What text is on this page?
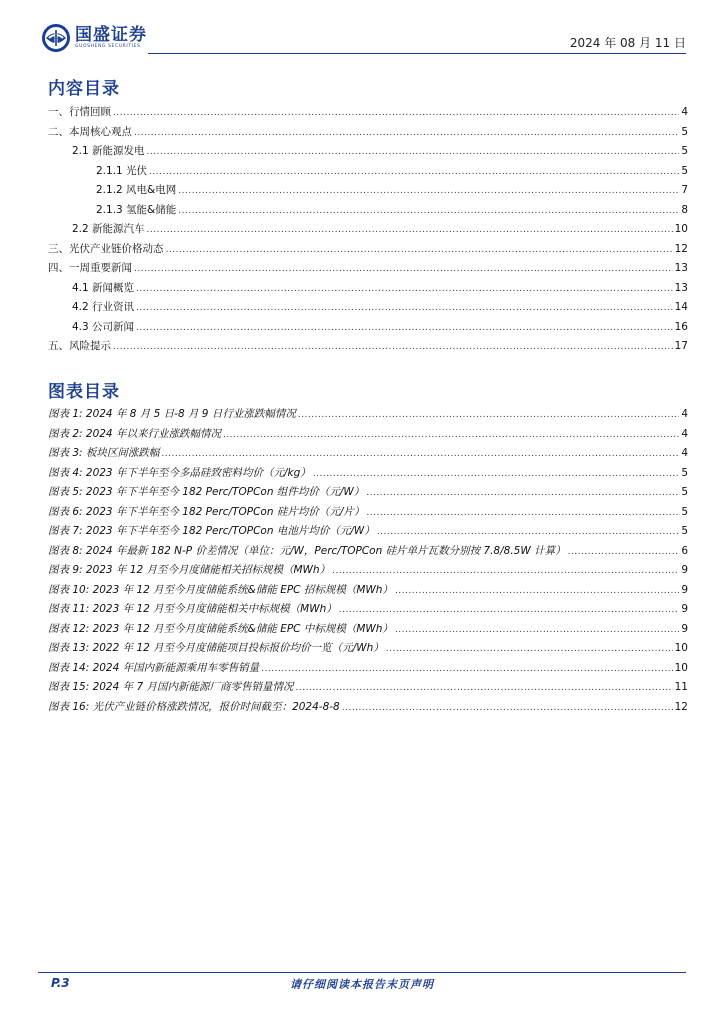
国盛证券
GUOSHENG SECURITIES	2024 年 08 月 11 日
内容目录
一、行情回顾 .....	4
二、本周核心观点 .....	5
2.1 新能源发电 .....	5
2.1.1 光伏 .....	5
2.1.2 风电&电网 .....	7
2.1.3 氢能&储能 .....	8
2.2 新能源汽车 .....	10
三、光伏产业链价格动态 .....	12
四、一周重要新闻 .....	13
4.1 新闻概览 .....	13
4.2 行业资讯 .....	14
4.3 公司新闻 .....	16
五、风险提示 .....	17
图表目录
图表 1: 2024 年 8 月 5 日-8 月 9 日行业涨跌幅情况 .....	4
图表 2: 2024 年以来行业涨跌幅情况 .....	4
图表 3: 板块区间涨跌幅 .....	4
图表 4: 2023 年下半年至今多晶硅致密料均价（元/kg） .....	5
图表 5: 2023 年下半年至今 182 Perc/TOPCon 组件均价（元/W） .....	5
图表 6: 2023 年下半年至今 182 Perc/TOPCon 硅片均价（元/片） .....	5
图表 7: 2023 年下半年至今 182 Perc/TOPCon 电池片均价（元/W） .....	5
图表 8: 2024 年最新 182 N-P 价差情况（单位：元/W，Perc/TOPCon 硅片单片瓦数分别按 7.8/8.5W 计算） .....	6
图表 9: 2023 年 12 月至今月度储能相关招标规模（MWh） .....	9
图表 10: 2023 年 12 月至今月度储能系统&储能 EPC 招标规模（MWh） .....	9
图表 11: 2023 年 12 月至今月度储能相关中标规模（MWh） .....	9
图表 12: 2023 年 12 月至今月度储能系统&储能 EPC 中标规模（MWh） .....	9
图表 13: 2022 年 12 月至今月度储能项目投标报价均价一览（元/Wh） .....	10
图表 14: 2024 年国内新能源乘用车零售销量 .....	10
图表 15: 2024 年 7 月国内新能源厂商零售销量情况 .....	11
图表 16: 光伏产业链价格涨跌情况，报价时间截至：2024-8-8 .....	12
请仔细阅读本报告末页声明
P.3
